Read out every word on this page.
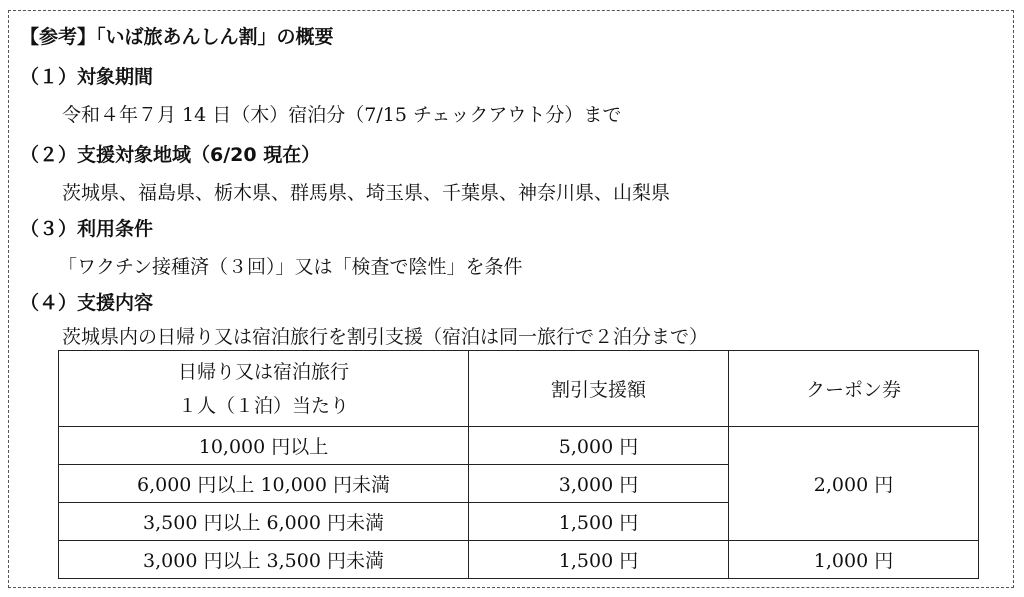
【参考】「いば旅あんしん割」の概要
（１）対象期間
令和４年７月 14 日（木）宿泊分（7/15 チェックアウト分）まで
（２）支援対象地域（6/20 現在）
茨城県、福島県、栃木県、群馬県、埼玉県、千葉県、神奈川県、山梨県
（３）利用条件
「ワクチン接種済（３回）」又は「検査で陰性」を条件
（４）支援内容
茨城県内の日帰り又は宿泊旅行を割引支援（宿泊は同一旅行で２泊分まで）
日帰り又は宿泊旅行
１人（１泊）当たり	割引支援額	クーポン券
10,000 円以上	5,000 円	2,000 円
6,000 円以上 10,000 円未満	3,000 円	
3,500 円以上 6,000 円未満	1,500 円	
3,000 円以上 3,500 円未満	1,500 円	1,000 円
